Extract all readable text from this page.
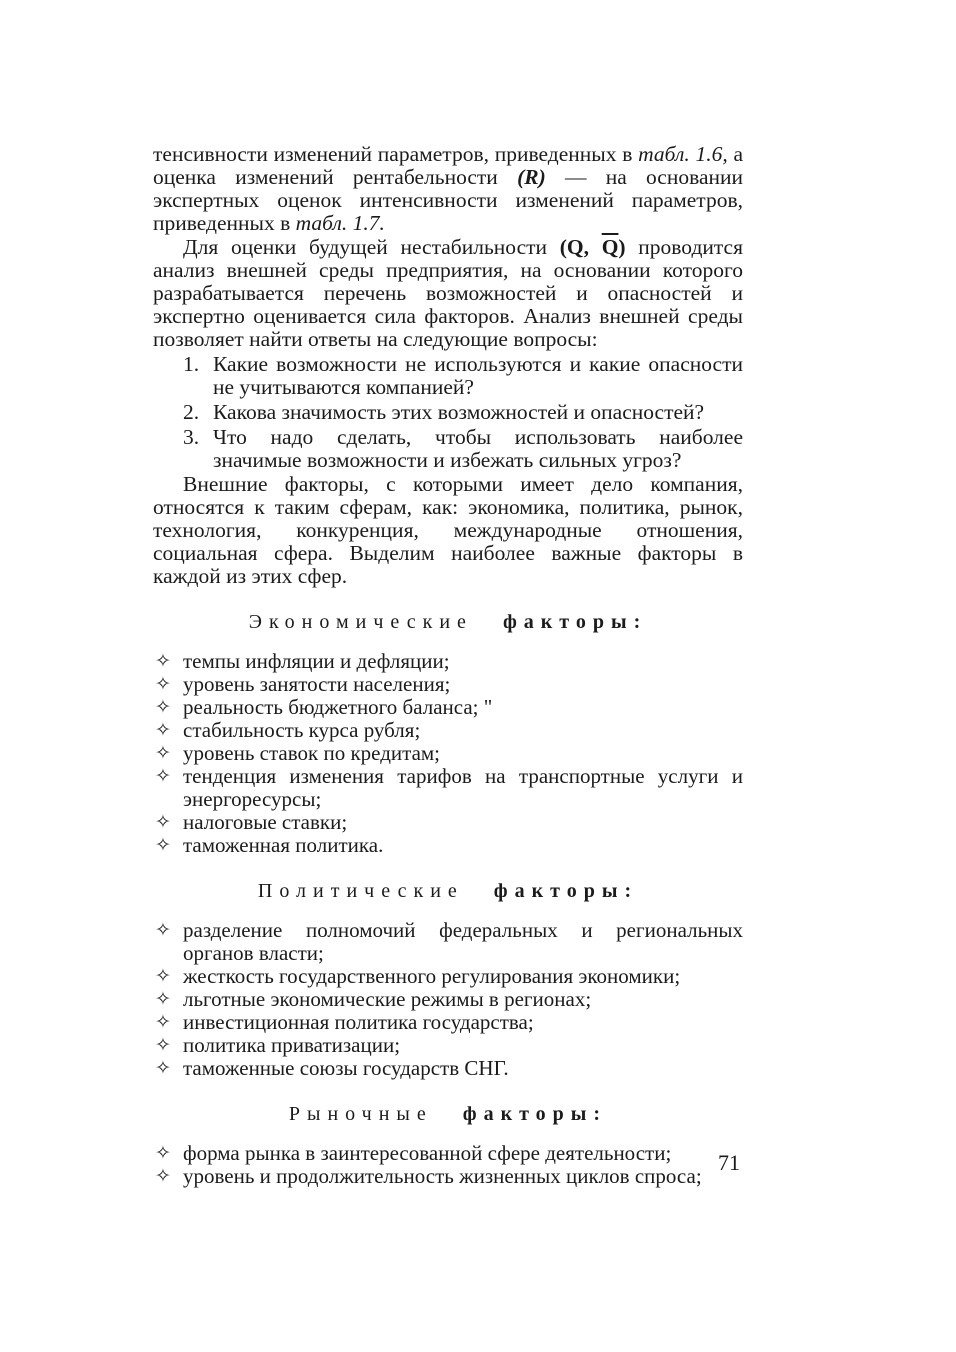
тенсивности изменений параметров, приведенных в табл. 1.6, а оценка изменений рентабельности (R) — на основании экспертных оценок интенсивности изменений параметров, приведенных в табл. 1.7.

Для оценки будущей нестабильности (Q, $\overline{Q}$) проводится анализ внешней среды предприятия, на основании которого разрабатывается перечень возможностей и опасностей и экспертно оценивается сила факторов. Анализ внешней среды позволяет найти ответы на следующие вопросы:

1. Какие возможности не используются и какие опасности не учитываются компанией?

2. Какова значимость этих возможностей и опасностей?

3. Что надо сделать, чтобы использовать наиболее значимые возможности и избежать сильных угроз?

Внешние факторы, с которыми имеет дело компания, относятся к таким сферам, как: экономика, политика, рынок, технология, конкуренция, международные отношения, социальная сфера. Выделим наиболее важные факторы в каждой из этих сфер.

Экономические факторы:

✧ темпы инфляции и дефляции;

✧ уровень занятости населения;

✧ реальность бюджетного баланса; "

✧ стабильность курса рубля;

✧ уровень ставок по кредитам;

✧ тенденция изменения тарифов на транспортные услуги и энергоресурсы;

✧ налоговые ставки;

✧ таможенная политика.

Политические факторы:

✧ разделение полномочий федеральных и региональных органов власти;

✧ жесткость государственного регулирования экономики;

✧ льготные экономические режимы в регионах;

✧ инвестиционная политика государства;

✧ политика приватизации;

✧ таможенные союзы государств СНГ.

Рыночные факторы:

✧ форма рынка в заинтересованной сфере деятельности;

✧ уровень и продолжительность жизненных циклов спроса;

71
